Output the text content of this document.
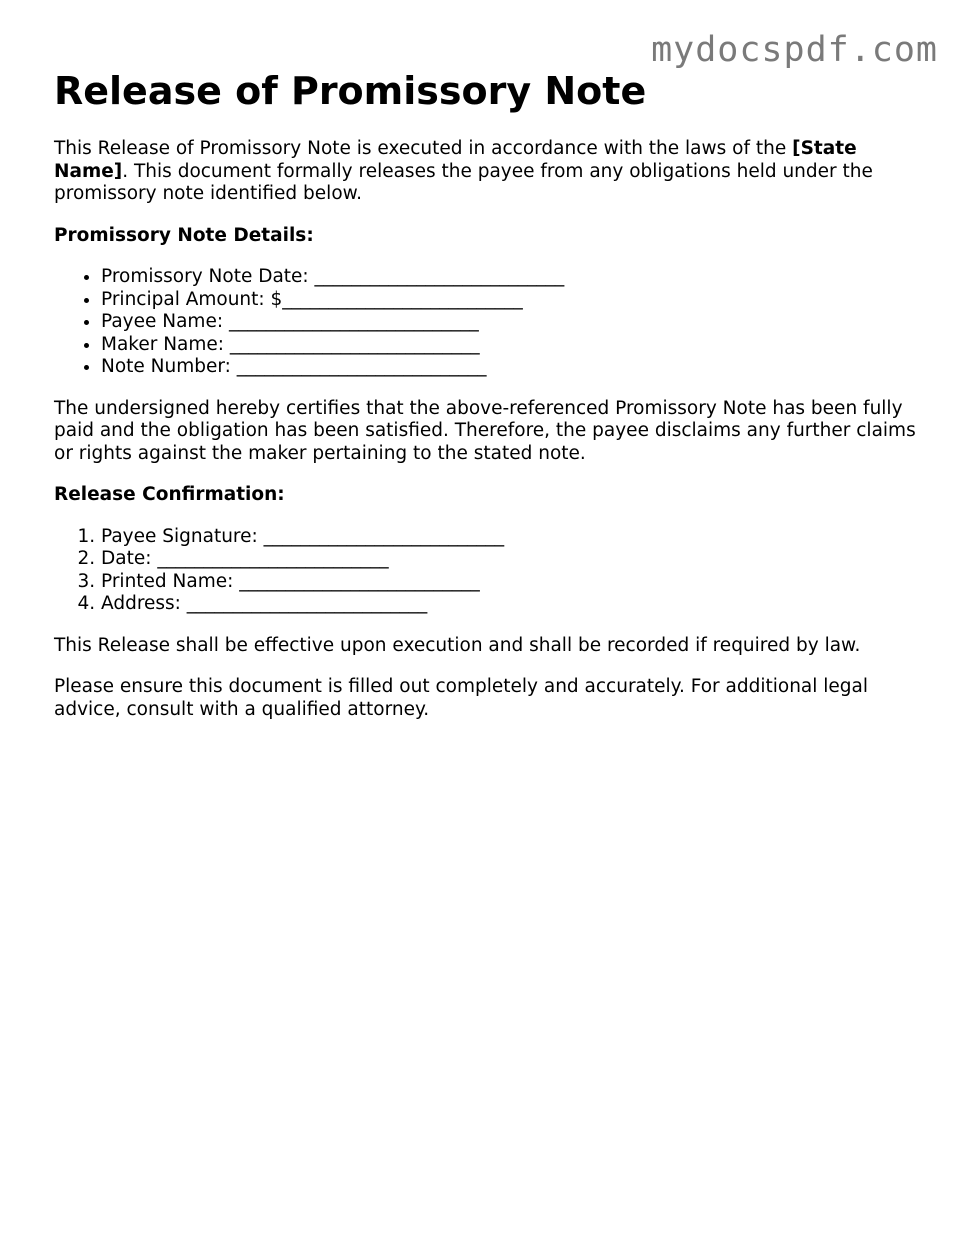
mydocspdf.com
Release of Promissory Note

This Release of Promissory Note is executed in accordance with the laws of the [State Name]. This document formally releases the payee from any obligations held under the promissory note identified below.

Promissory Note Details:
• Promissory Note Date: ___________________________
• Principal Amount: $__________________________
• Payee Name: ___________________________
• Maker Name: ___________________________
• Note Number: ___________________________

The undersigned hereby certifies that the above-referenced Promissory Note has been fully paid and the obligation has been satisfied. Therefore, the payee disclaims any further claims or rights against the maker pertaining to the stated note.

Release Confirmation:
1. Payee Signature: __________________________
2. Date: _________________________
3. Printed Name: __________________________
4. Address: __________________________

This Release shall be effective upon execution and shall be recorded if required by law.

Please ensure this document is filled out completely and accurately. For additional legal advice, consult with a qualified attorney.
